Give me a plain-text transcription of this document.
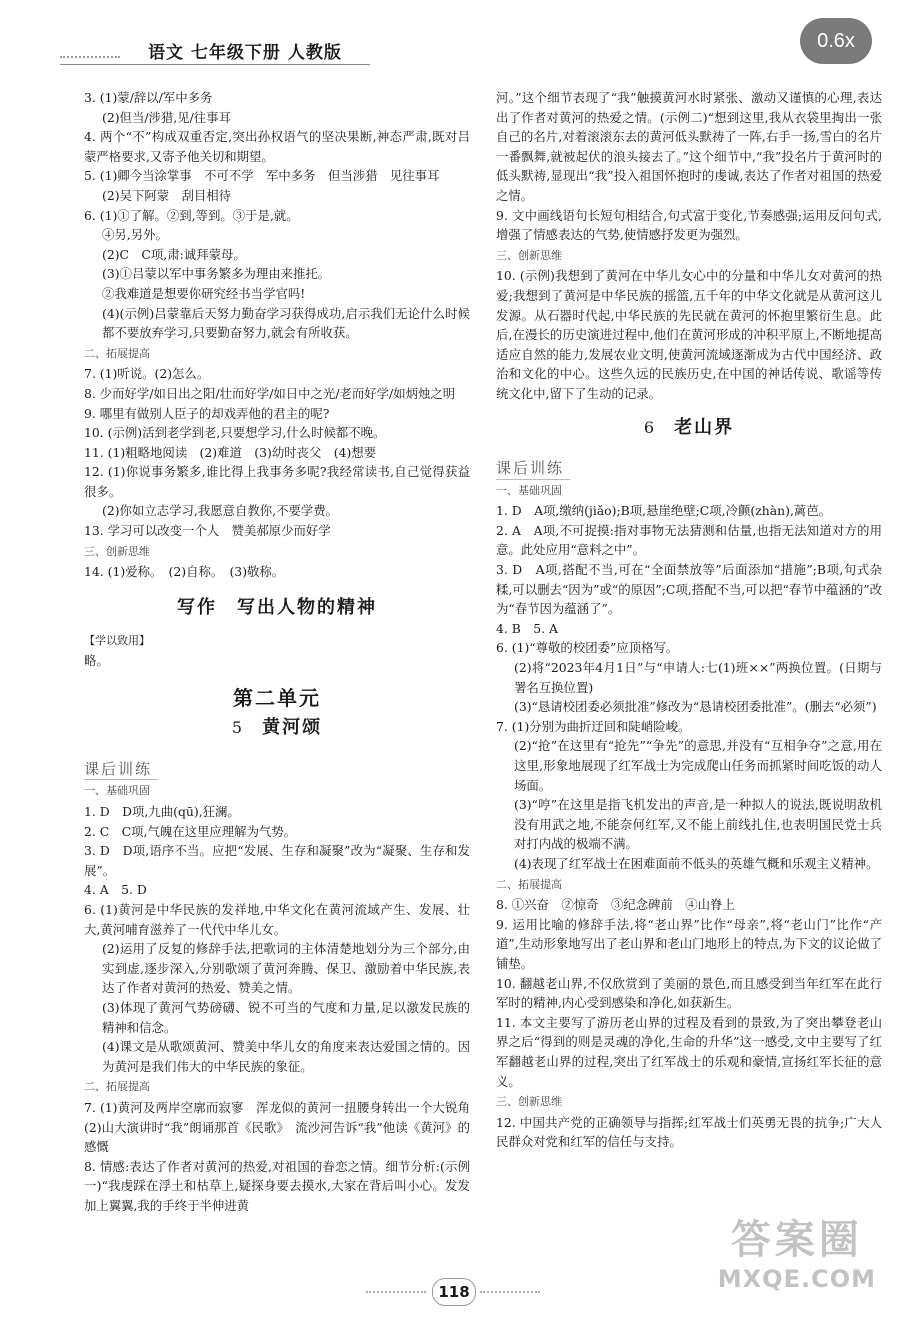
语文 七年级下册 人教版
0.6x

3. (1)蒙/辞以/军中多务

(2)但当/涉猎,见/往事耳

4. 两个“不”构成双重否定,突出孙权语气的坚决果断,神态严肃,既对吕蒙严格要求,又寄予他关切和期望。

5. (1)卿今当涂掌事　不可不学　军中多务　但当涉猎　见往事耳

(2)吴下阿蒙　刮目相待

6. (1)①了解。②到,等到。③于是,就。

④另,另外。

(2)C　C项,肃:诚拜蒙母。

(3)①吕蒙以军中事务繁多为理由来推托。

②我难道是想要你研究经书当学官吗!

(4)(示例)吕蒙靠后天努力勤奋学习获得成功,启示我们无论什么时候都不要放弃学习,只要勤奋努力,就会有所收获。

二、拓展提高

7. (1)听说。(2)怎么。

8. 少而好学/如日出之阳/壮而好学/如日中之光/老而好学/如炳烛之明

9. 哪里有做别人臣子的却戏弄他的君主的呢?

10. (示例)活到老学到老,只要想学习,什么时候都不晚。

11. (1)粗略地阅读　(2)难道　(3)幼时丧父　(4)想要

12. (1)你说事务繁多,谁比得上我事务多呢?我经常读书,自己觉得获益很多。

(2)你如立志学习,我愿意自教你,不要学费。

13. 学习可以改变一个人　赞美郝原少而好学

三、创新思维

14. (1)爱称。　(2)自称。　(3)敬称。

写作　写出人物的精神

【学以致用】

略。

第二单元

5 黄河颂

课后训练

一、基础巩固

1. D　D项,九曲(qū),狂澜。

2. C　C项,气魄在这里应理解为气势。

3. D　D项,语序不当。应把“发展、生存和凝聚”改为“凝聚、生存和发展”。

4. A　5. D

6. (1)黄河是中华民族的发祥地,中华文化在黄河流域产生、发展、壮大,黄河哺育滋养了一代代中华儿女。

(2)运用了反复的修辞手法,把歌词的主体清楚地划分为三个部分,由实到虚,逐步深入,分别歌颂了黄河奔腾、保卫、激励着中华民族,表达了作者对黄河的热爱、赞美之情。

(3)体现了黄河气势磅礴、锐不可当的气度和力量,足以激发民族的精神和信念。

(4)课文是从歌颂黄河、赞美中华儿女的角度来表达爱国之情的。因为黄河是我们伟大的中华民族的象征。

二、拓展提高

7. (1)黄河及两岸空廓而寂寥　浑龙似的黄河一扭腰身转出一个大锐角　(2)山大演讲时“我”朗诵那首《民歌》　流沙河告诉“我”他读《黄河》的感慨

8. 情感:表达了作者对黄河的热爱,对祖国的眷恋之情。细节分析:(示例一)“我虔踩在浮土和枯草上,疑探身要去摸水,大家在背后叫小心。发发加上翼翼,我的手终于半伸进黄

河。”这个细节表现了“我”触摸黄河水时紧张、激动又谨慎的心理,表达出了作者对黄河的热爱之情。(示例二)“想到这里,我从衣袋里掏出一张自己的名片,对着滚滚东去的黄河低头默祷了一阵,右手一扬,雪白的名片一番飘舞,就被起伏的浪头接去了。”这个细节中,“我”投名片于黄河时的低头默祷,显现出“我”投入祖国怀抱时的虔诚,表达了作者对祖国的热爱之情。

9. 文中画线语句长短句相结合,句式富于变化,节奏感强;运用反问句式,增强了情感表达的气势,使情感抒发更为强烈。

三、创新思维

10. (示例)我想到了黄河在中华儿女心中的分量和中华儿女对黄河的热爱;我想到了黄河是中华民族的摇篮,五千年的中华文化就是从黄河这儿发源。从石器时代起,中华民族的先民就在黄河的怀抱里繁衍生息。此后,在漫长的历史演进过程中,他们在黄河形成的冲积平原上,不断地提高适应自然的能力,发展农业文明,使黄河流域逐渐成为古代中国经济、政治和文化的中心。这些久远的民族历史,在中国的神话传说、歌谣等传统文化中,留下了生动的记录。

6 老山界

课后训练

一、基础巩固

1. D　A项,缴纳(jiǎo);B项,悬崖绝壁;C项,冷颤(zhàn),蓠芭。

2. A　A项,不可捉摸:指对事物无法猜测和估量,也指无法知道对方的用意。此处应用“意料之中”。

3. D　A项,搭配不当,可在“全面禁放等”后面添加“措施”;B项,句式杂糅,可以删去“因为”或“的原因”;C项,搭配不当,可以把“春节中蕴涵的”改为“春节因为蕴涵了”。

4. B　5. A

6. (1)“尊敬的校团委”应顶格写。

(2)将“2023年4月1日”与“申请人:七(1)班××”两换位置。(日期与署名互换位置)

(3)“恳请校团委必须批准”修改为“恳请校团委批准”。(删去“必须”)

7. (1)分别为曲折迂回和陡峭险峻。

(2)“抢”在这里有“抢先”“争先”的意思,并没有“互相争夺”之意,用在这里,形象地展现了红军战士为完成爬山任务而抓紧时间吃饭的动人场面。

(3)“哼”在这里是指飞机发出的声音,是一种拟人的说法,既说明敌机没有用武之地,不能奈何红军,又不能上前线扎住,也表明国民党士兵对打内战的极端不满。

(4)表现了红军战士在困难面前不低头的英雄气概和乐观主义精神。

二、拓展提高

8. ①兴奋　②惊奇　③纪念碑前　④山脊上

9. 运用比喻的修辞手法,将“老山界”比作“母亲”,将“老山门”比作“产道”,生动形象地写出了老山界和老山门地形上的特点,为下文的议论做了铺垫。

10. 翻越老山界,不仅欣赏到了美丽的景色,而且感受到当年红军在此行军时的精神,内心受到感染和净化,如获新生。

11. 本文主要写了游历老山界的过程及看到的景致,为了突出攀登老山界之后“得到的则是灵魂的净化,生命的升华”这一感受,文中主要写了红军翻越老山界的过程,突出了红军战士的乐观和豪情,宣扬红军长征的意义。

三、创新思维

12. 中国共产党的正确领导与指挥;红军战士们英勇无畏的抗争;广大人民群众对党和红军的信任与支持。

118
答案圈
MXQE.COM
